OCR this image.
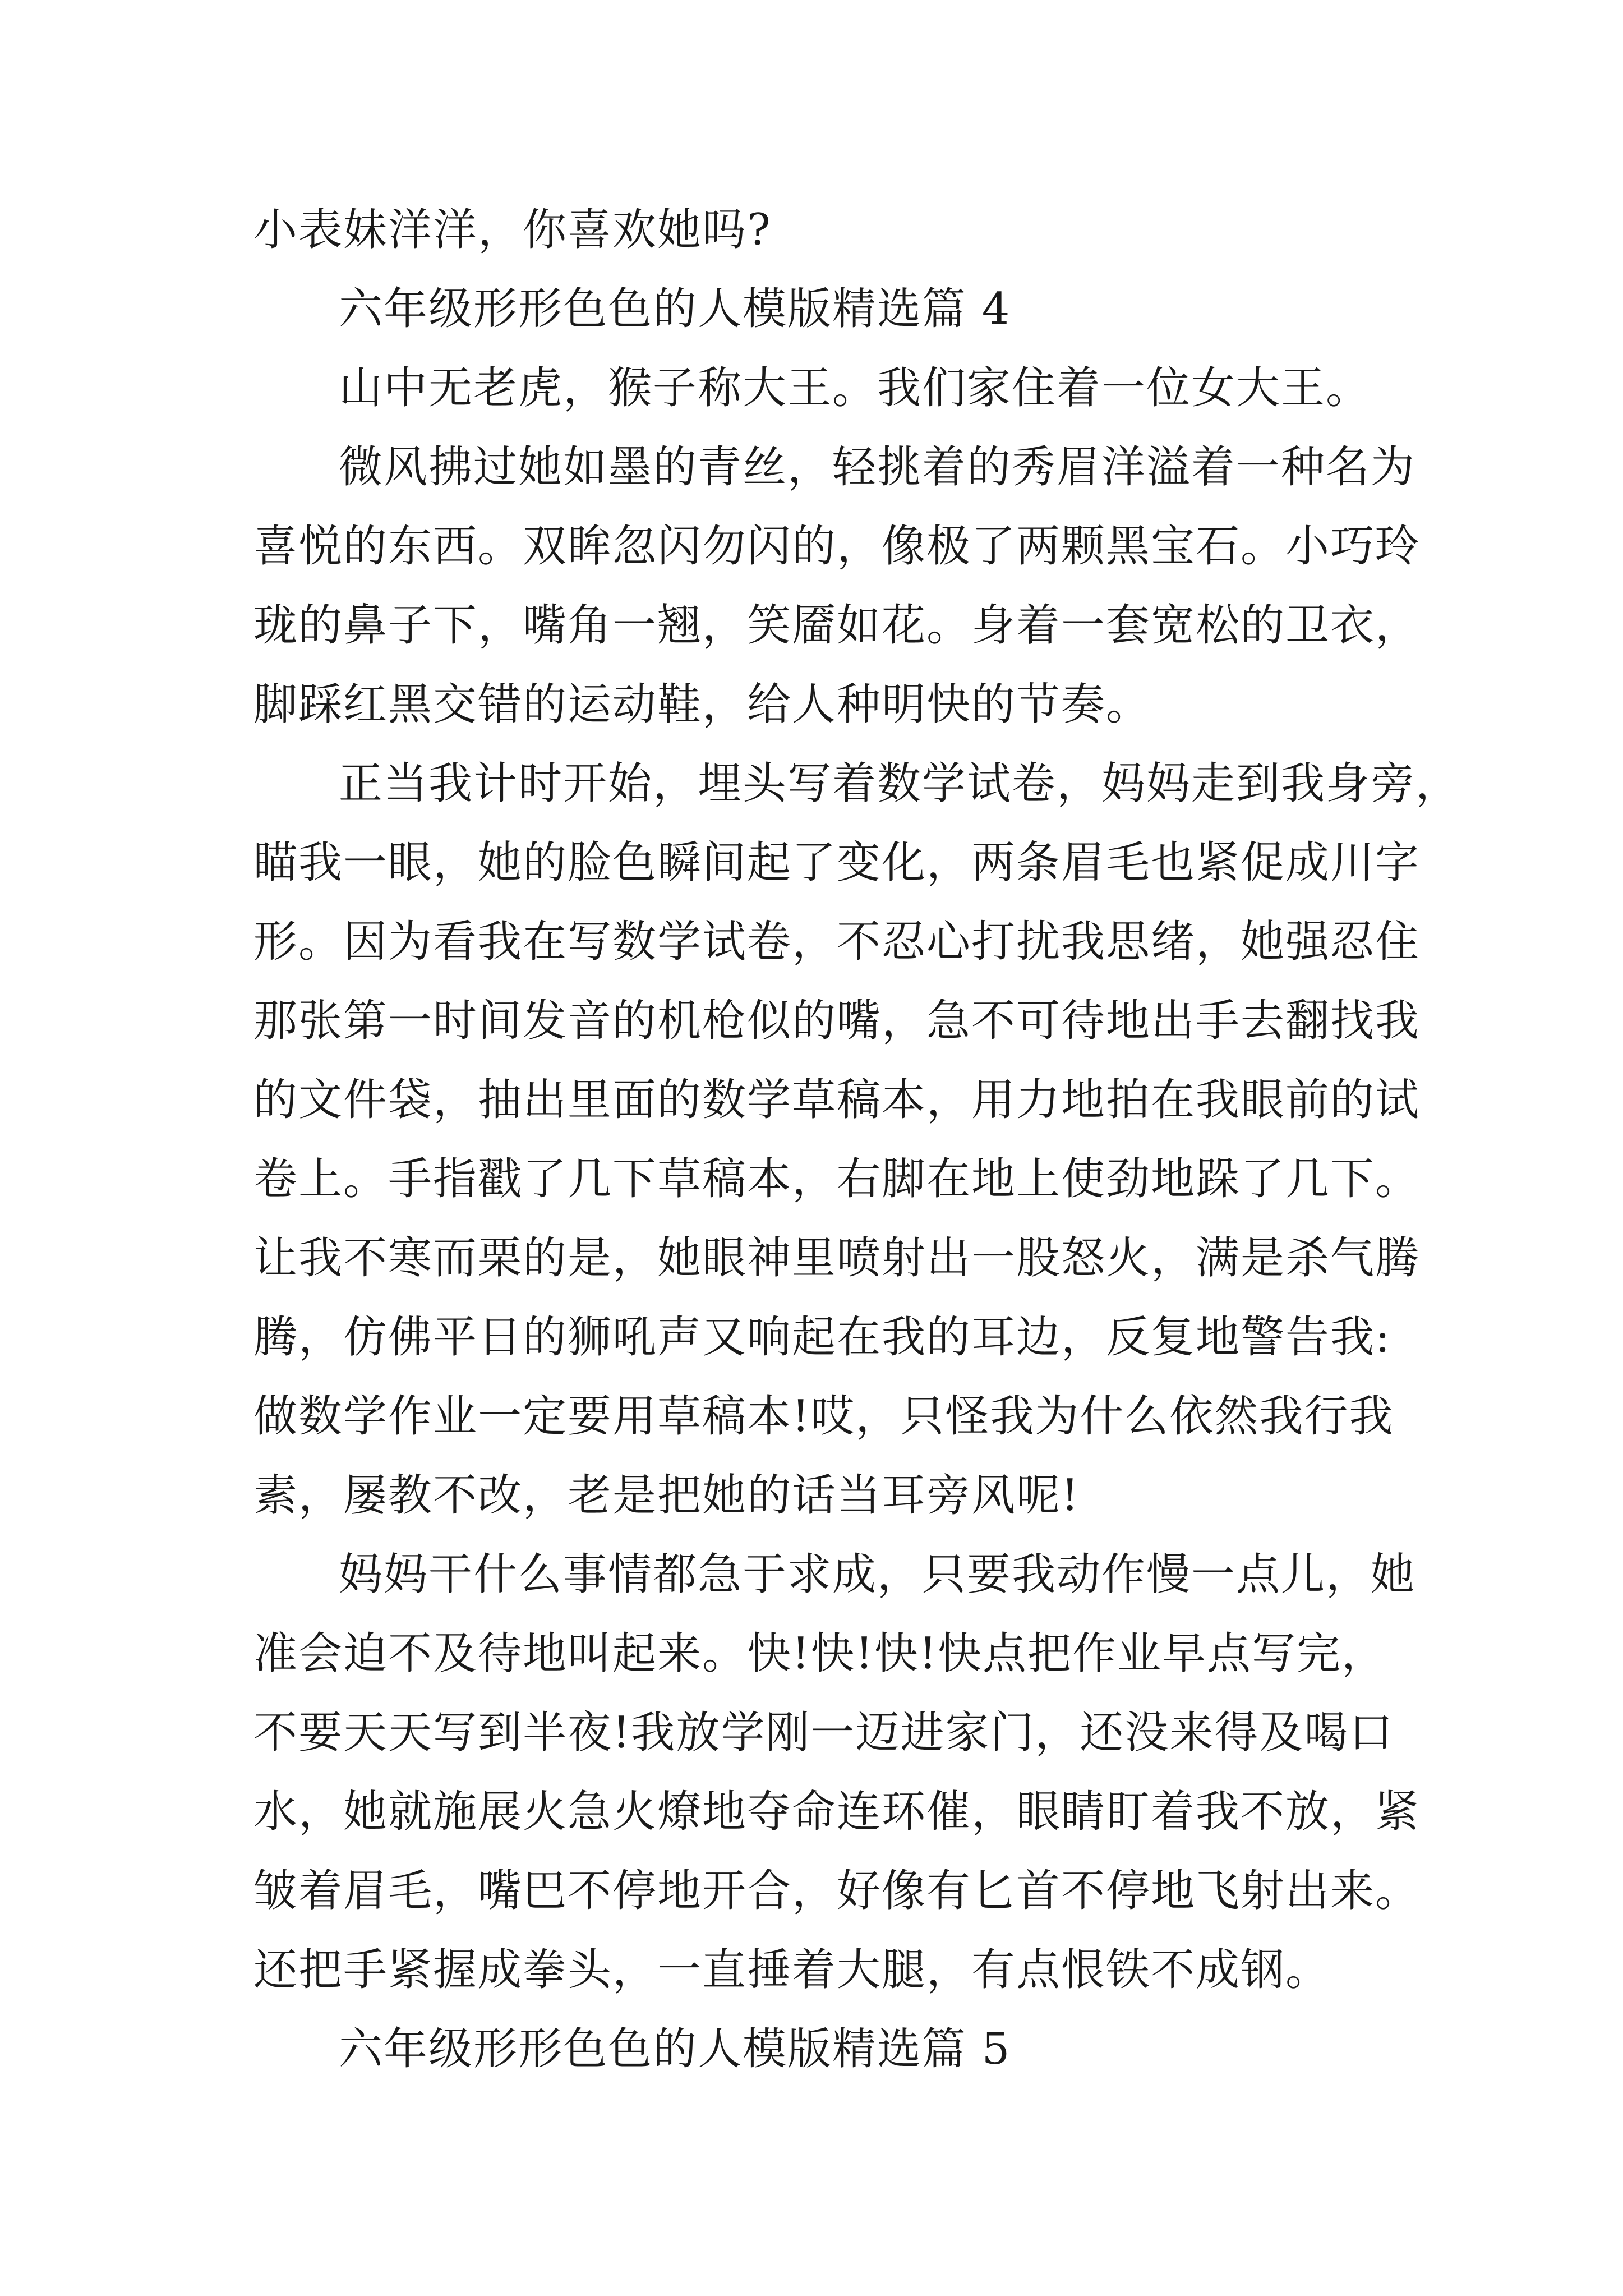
小表妹洋洋，你喜欢她吗?
六年级形形色色的人模版精选篇 4
山中无老虎，猴子称大王。我们家住着一位女大王。
微风拂过她如墨的青丝，轻挑着的秀眉洋溢着一种名为
喜悦的东西。双眸忽闪勿闪的，像极了两颗黑宝石。小巧玲
珑的鼻子下，嘴角一翘，笑靥如花。身着一套宽松的卫衣，
脚踩红黑交错的运动鞋，给人种明快的节奏。
正当我计时开始，埋头写着数学试卷，妈妈走到我身旁，
瞄我一眼，她的脸色瞬间起了变化，两条眉毛也紧促成川字
形。因为看我在写数学试卷，不忍心打扰我思绪，她强忍住
那张第一时间发音的机枪似的嘴，急不可待地出手去翻找我
的文件袋，抽出里面的数学草稿本，用力地拍在我眼前的试
卷上。手指戳了几下草稿本，右脚在地上使劲地跺了几下。
让我不寒而栗的是，她眼神里喷射出一股怒火，满是杀气腾
腾，仿佛平日的狮吼声又响起在我的耳边，反复地警告我:
做数学作业一定要用草稿本!哎，只怪我为什么依然我行我
素，屡教不改，老是把她的话当耳旁风呢!
妈妈干什么事情都急于求成，只要我动作慢一点儿，她
准会迫不及待地叫起来。快!快!快!快点把作业早点写完，
不要天天写到半夜!我放学刚一迈进家门，还没来得及喝口
水，她就施展火急火燎地夺命连环催，眼睛盯着我不放，紧
皱着眉毛，嘴巴不停地开合，好像有匕首不停地飞射出来。
还把手紧握成拳头，一直捶着大腿，有点恨铁不成钢。
六年级形形色色的人模版精选篇 5
